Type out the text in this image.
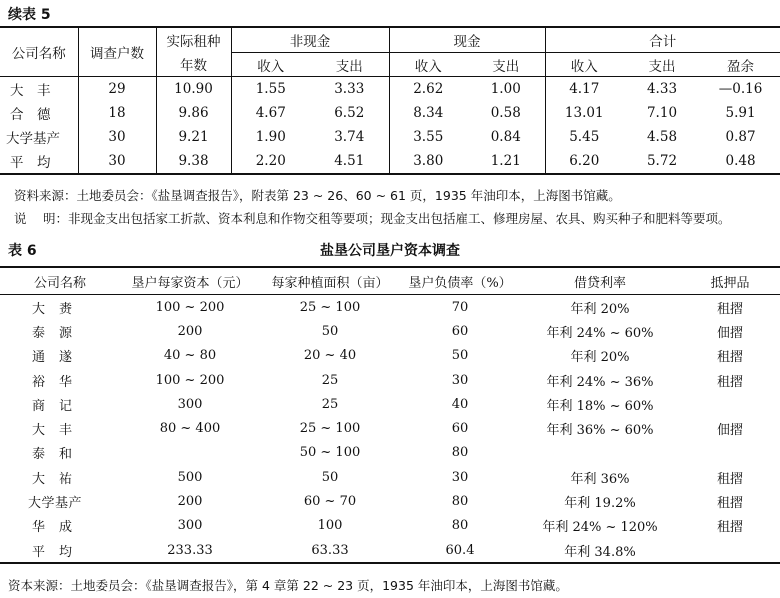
续表 5
公司名称	调查户数	实际租种	非现金		现金		合计		
		年数	收入	支出	收入	支出	收入	支出	盈余
大　丰	29	10.90	1.55	3.33	2.62	1.00	4.17	4.33	—0.16
合　德	18	9.86	4.67	6.52	8.34	0.58	13.01	7.10	5.91
大学基产	30	9.21	1.90	3.74	3.55	0.84	5.45	4.58	0.87
平　均	30	9.38	2.20	4.51	3.80	1.21	6.20	5.72	0.48
资料来源：土地委员会：《盐垦调查报告》，附表第 23 ~ 26、60 ~ 61 页，1935 年油印本，上海图书馆藏。
说　 明：非现金支出包括家工折款、资本利息和作物交租等要项；现金支出包括雇工、修理房屋、农具、购买种子和肥料等要项。
表 6	盐垦公司垦户资本调查
公司名称	垦户每家资本（元）	每家种植面积（亩）	垦户负债率（%）	借贷利率	抵押品
大　赉	100 ~ 200	25 ~ 100	70	年利 20%	租摺
泰　源	200	50	60	年利 24% ~ 60%	佃摺
通　遂	40 ~ 80	20 ~ 40	50	年利 20%	租摺
裕　华	100 ~ 200	25	30	年利 24% ~ 36%	租摺
商　记	300	25	40	年利 18% ~ 60%	
大　丰	80 ~ 400	25 ~ 100	60	年利 36% ~ 60%	佃摺
泰　和		50 ~ 100	80		
大　祐	500	50	30	年利 36%	租摺
大学基产	200	60 ~ 70	80	年利 19.2%	租摺
华　成	300	100	80	年利 24% ~ 120%	租摺
平　均	233.33	63.33	60.4	年利 34.8%	
资本来源：土地委员会：《盐垦调查报告》，第 4 章第 22 ~ 23 页，1935 年油印本，上海图书馆藏。
